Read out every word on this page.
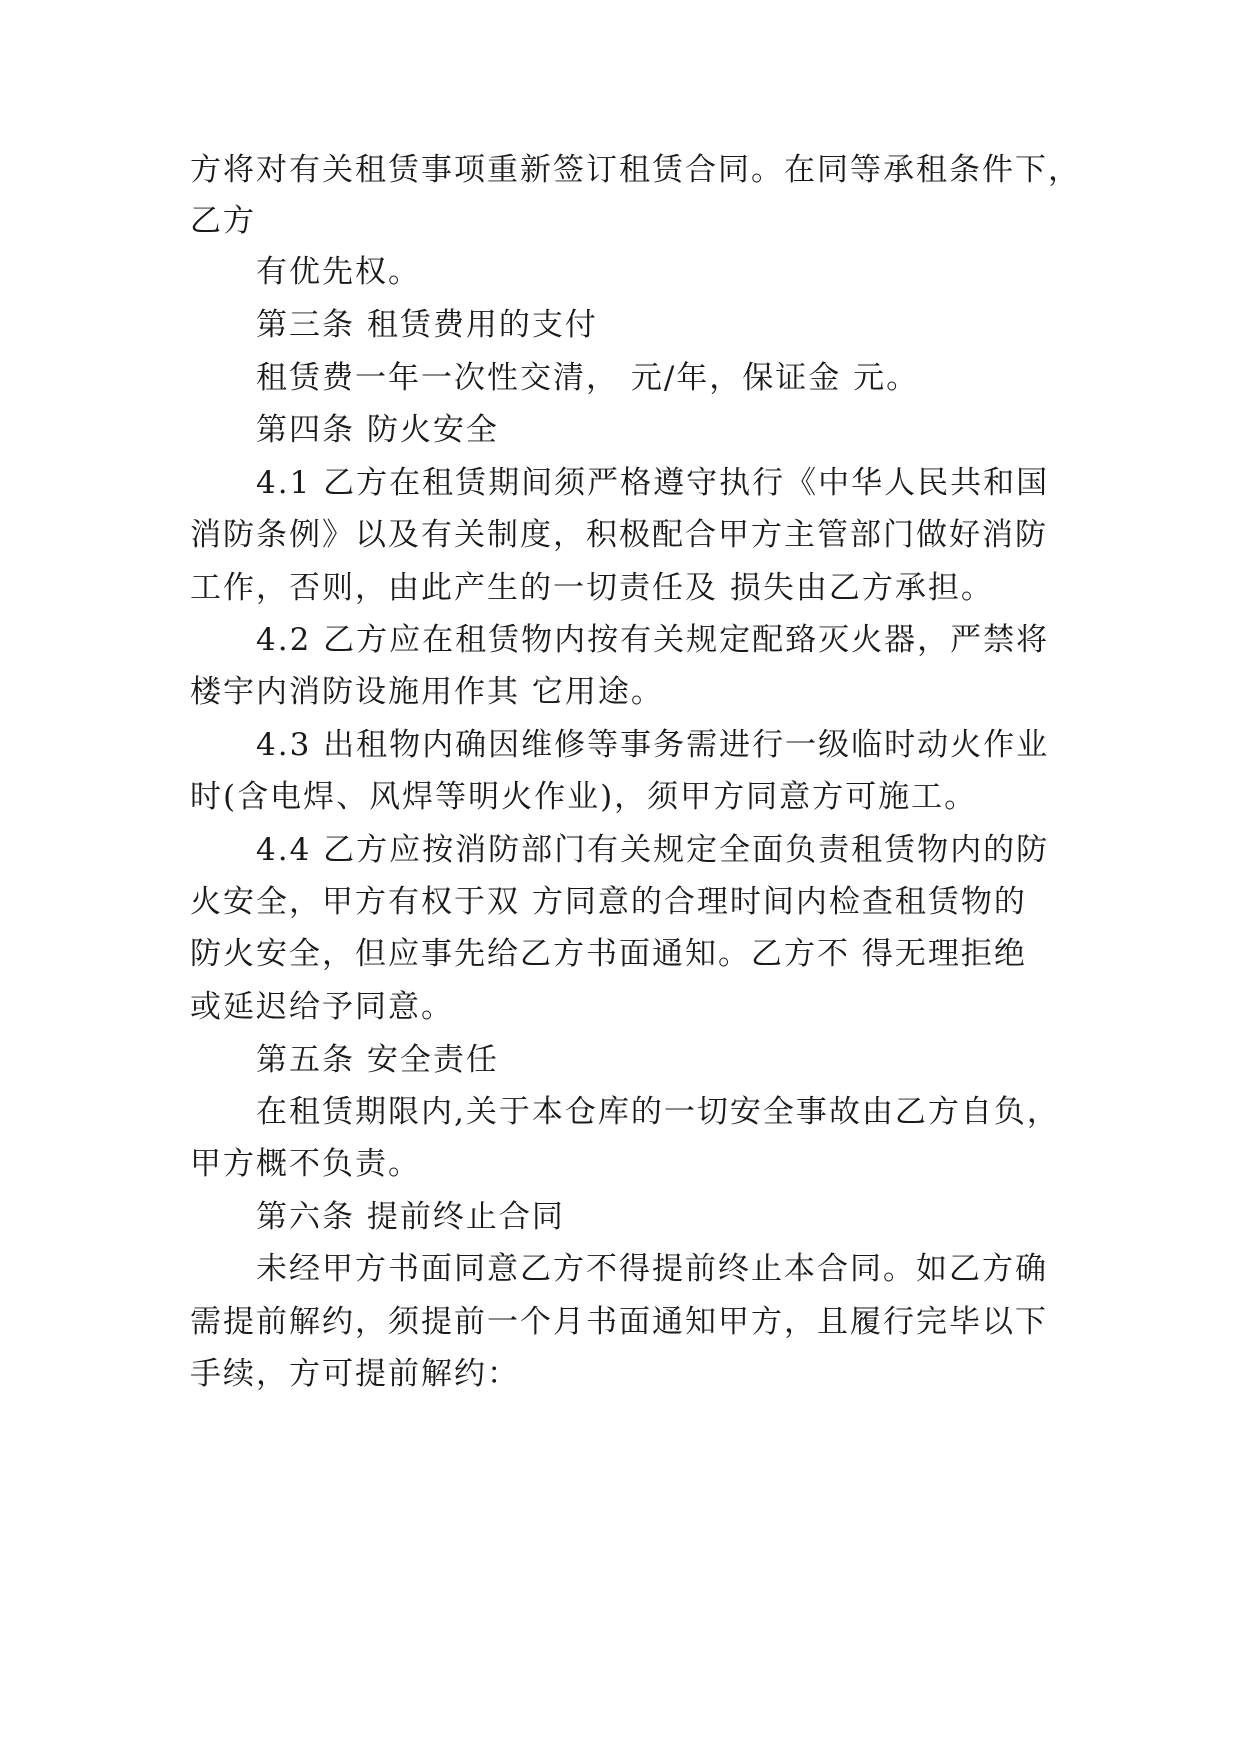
方将对有关租赁事项重新签订租赁合同。在同等承租条件下，
乙方
有优先权。
第三条 租赁费用的支付
租赁费一年一次性交清， 元/年，保证金 元。
第四条 防火安全
4.1 乙方在租赁期间须严格遵守执行《中华人民共和国
消防条例》以及有关制度，积极配合甲方主管部门做好消防
工作，否则，由此产生的一切责任及 损失由乙方承担。
4.2 乙方应在租赁物内按有关规定配臵灭火器，严禁将
楼宇内消防设施用作其 它用途。
4.3 出租物内确因维修等事务需进行一级临时动火作业
时(含电焊、风焊等明火作业)，须甲方同意方可施工。
4.4 乙方应按消防部门有关规定全面负责租赁物内的防
火安全，甲方有权于双 方同意的合理时间内检查租赁物的
防火安全，但应事先给乙方书面通知。乙方不 得无理拒绝
或延迟给予同意。
第五条 安全责任
在租赁期限内,关于本仓库的一切安全事故由乙方自负，
甲方概不负责。
第六条 提前终止合同
未经甲方书面同意乙方不得提前终止本合同。如乙方确
需提前解约，须提前一个月书面通知甲方，且履行完毕以下
手续，方可提前解约：
